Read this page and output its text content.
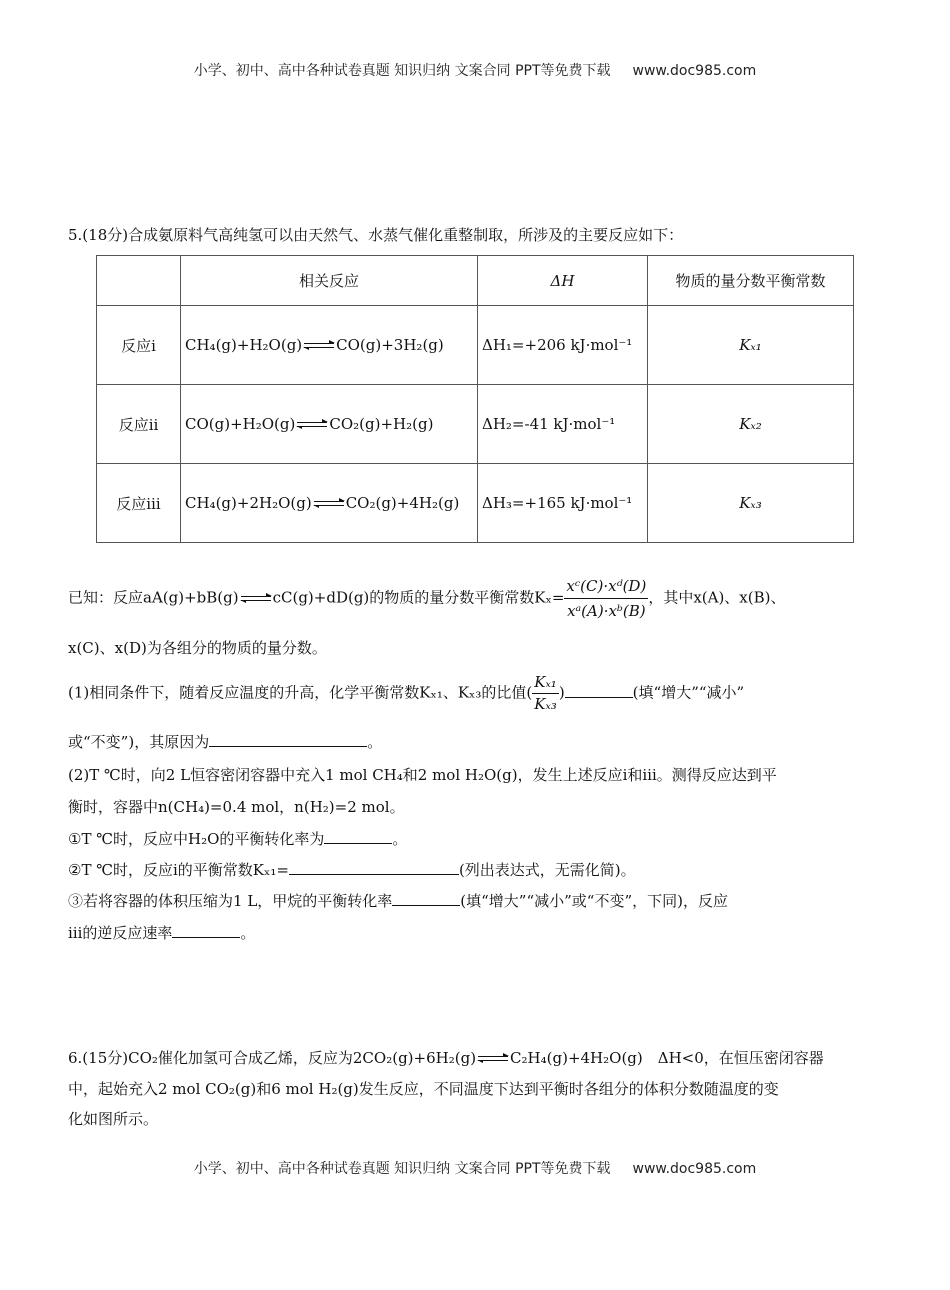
小学、初中、高中各种试卷真题 知识归纳 文案合同 PPT等免费下载 www.doc985.com
5.(18分)合成氨原料气高纯氢可以由天然气、水蒸气催化重整制取，所涉及的主要反应如下：
	相关反应	ΔH	物质的量分数平衡常数
反应ⅰ	CH₄(g)+H₂O(g)⇌CO(g)+3H₂(g)	ΔH₁=+206 kJ·mol⁻¹	Kₓ₁
反应ⅱ	CO(g)+H₂O(g)⇌CO₂(g)+H₂(g)	ΔH₂=-41 kJ·mol⁻¹	Kₓ₂
反应ⅲ	CH₄(g)+2H₂O(g)⇌CO₂(g)+4H₂(g)	ΔH₃=+165 kJ·mol⁻¹	Kₓ₃
已知：反应aA(g)+bB(g)⇌cC(g)+dD(g)的物质的量分数平衡常数$K_x= \frac{\text{xᶜ(C)·xᵈ(D)}}{\text{xᵃ(A)·xᵇ(B)}}$ ，其中x(A)、x(B)、
x(C)、x(D)为各组分的物质的量分数。
(1)相同条件下，随着反应温度的升高，化学平衡常数Kₓ₁、Kₓ₃的比值( $\frac{\text{Kₓ₁}}{\text{Kₓ₃}}$ )	(填“增大”“减小”
或“不变”)，其原因为	。
(2)T ℃时，向2 L恒容密闭容器中充入1 mol CH₄和2 mol H₂O(g)，发生上述反应ⅰ和ⅲ。测得反应达到平
衡时，容器中n(CH₄)=0.4 mol，n(H₂)=2 mol。
①T ℃时，反应中H₂O的平衡转化率为	。
②T ℃时，反应ⅰ的平衡常数Kₓ₁=	(列出表达式，无需化简)。
③若将容器的体积压缩为1 L，甲烷的平衡转化率	(填“增大”“减小”或“不变”，下同)，反应
ⅲ的逆反应速率	。
6.(15分)CO₂催化加氢可合成乙烯，反应为2CO₂(g)+6H₂(g)⇌C₂H₄(g)+4H₂O(g)　ΔH<0，在恒压密闭容器
中，起始充入2 mol CO₂(g)和6 mol H₂(g)发生反应，不同温度下达到平衡时各组分的体积分数随温度的变
化如图所示。
小学、初中、高中各种试卷真题 知识归纳 文案合同 PPT等免费下载 www.doc985.com
